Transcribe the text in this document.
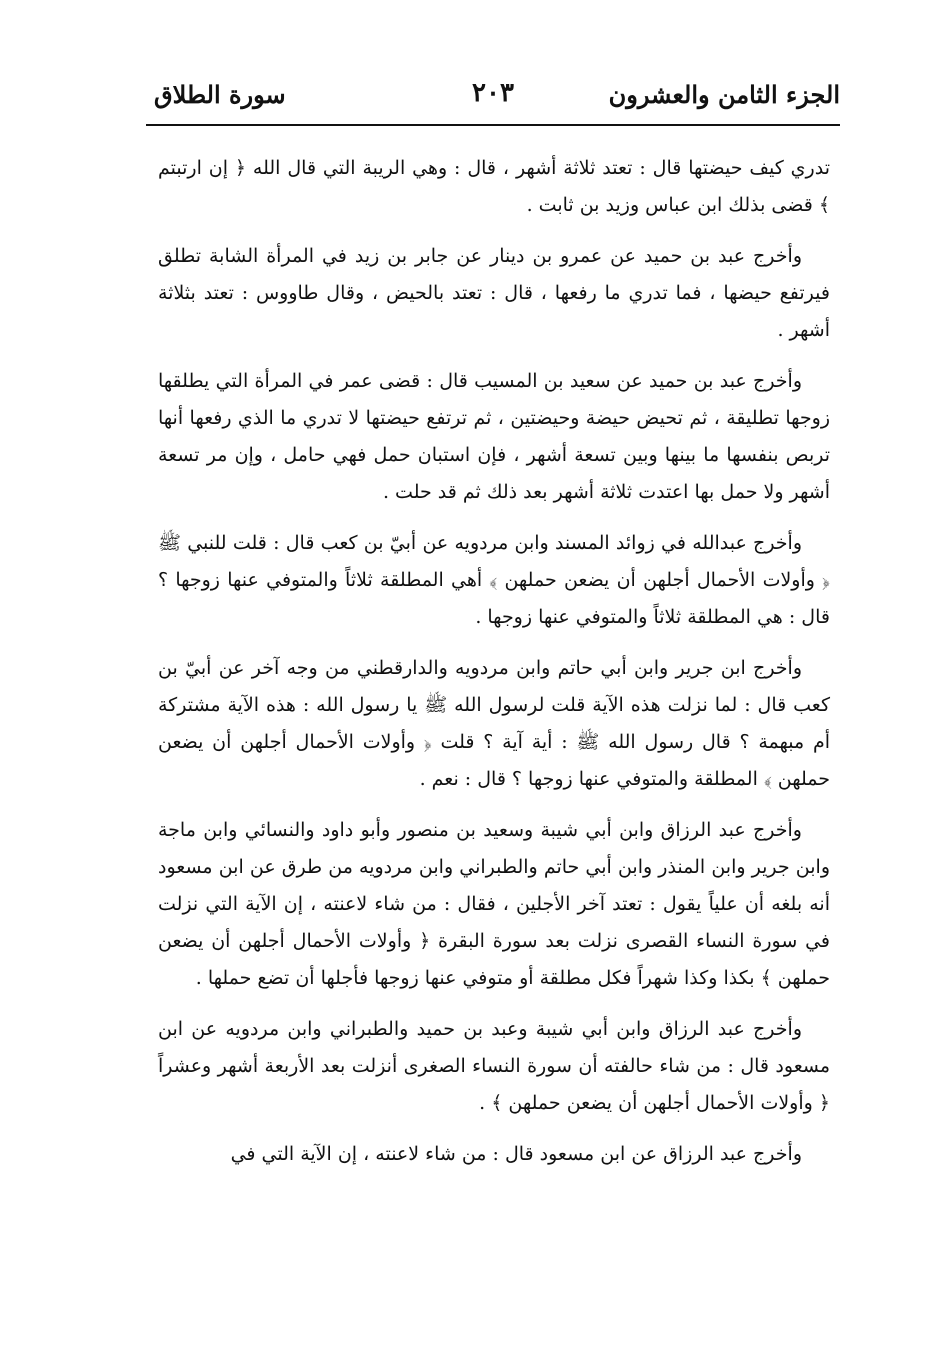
الجزء الثامن والعشرون
٢٠٣
سورة الطلاق

تدري كيف حيضتها قال : تعتد ثلاثة أشهر ، قال : وهي الريبة التي قال الله ﴿ إن ارتبتم ﴾ قضى بذلك ابن عباس وزيد بن ثابت .

وأخرج عبد بن حميد عن عمرو بن دينار عن جابر بن زيد في المرأة الشابة تطلق فيرتفع حيضها ، فما تدري ما رفعها ، قال : تعتد بالحيض ، وقال طاووس : تعتد بثلاثة أشهر .

وأخرج عبد بن حميد عن سعيد بن المسيب قال : قضى عمر في المرأة التي يطلقها زوجها تطليقة ، ثم تحيض حيضة وحيضتين ، ثم ترتفع حيضتها لا تدري ما الذي رفعها أنها تربص بنفسها ما بينها وبين تسعة أشهر ، فإن استبان حمل فهي حامل ، وإن مر تسعة أشهر ولا حمل بها اعتدت ثلاثة أشهر بعد ذلك ثم قد حلت .

وأخرج عبدالله في زوائد المسند وابن مردويه عن أبيّ بن كعب قال : قلت للنبي ﷺ ﴿ وأولات الأحمال أجلهن أن يضعن حملهن ﴾ أهي المطلقة ثلاثاً والمتوفي عنها زوجها ؟ قال : هي المطلقة ثلاثاً والمتوفي عنها زوجها .

وأخرج ابن جرير وابن أبي حاتم وابن مردويه والدارقطني من وجه آخر عن أبيّ بن كعب قال : لما نزلت هذه الآية قلت لرسول الله ﷺ يا رسول الله : هذه الآية مشتركة أم مبهمة ؟ قال رسول الله ﷺ : أية آية ؟ قلت ﴿ وأولات الأحمال أجلهن أن يضعن حملهن ﴾ المطلقة والمتوفي عنها زوجها ؟ قال : نعم .

وأخرج عبد الرزاق وابن أبي شيبة وسعيد بن منصور وأبو داود والنسائي وابن ماجة وابن جرير وابن المنذر وابن أبي حاتم والطبراني وابن مردويه من طرق عن ابن مسعود أنه بلغه أن علياً يقول : تعتد آخر الأجلين ، فقال : من شاء لاعنته ، إن الآية التي نزلت في سورة النساء القصرى نزلت بعد سورة البقرة ﴿ وأولات الأحمال أجلهن أن يضعن حملهن ﴾ بكذا وكذا شهراً فكل مطلقة أو متوفي عنها زوجها فأجلها أن تضع حملها .

وأخرج عبد الرزاق وابن أبي شيبة وعبد بن حميد والطبراني وابن مردويه عن ابن مسعود قال : من شاء حالفته أن سورة النساء الصغرى أنزلت بعد الأربعة أشهر وعشراً ﴿ وأولات الأحمال أجلهن أن يضعن حملهن ﴾ .

وأخرج عبد الرزاق عن ابن مسعود قال : من شاء لاعنته ، إن الآية التي في
